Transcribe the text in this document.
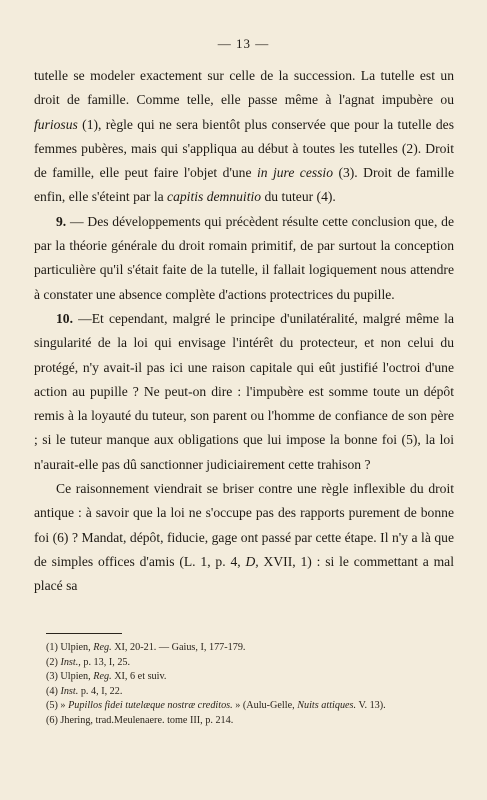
— 13 —

tutelle se modeler exactement sur celle de la succession. La tutelle est un droit de famille. Comme telle, elle passe même à l'agnat impubère ou furiosus (1), règle qui ne sera bientôt plus conservée que pour la tutelle des femmes pubères, mais qui s'appliqua au début à toutes les tutelles (2). Droit de famille, elle peut faire l'objet d'une in jure cessio (3). Droit de famille enfin, elle s'éteint par la capitis demnuitio du tuteur (4).

9. — Des développements qui précèdent résulte cette conclusion que, de par la théorie générale du droit romain primitif, de par surtout la conception particulière qu'il s'était faite de la tutelle, il fallait logiquement nous attendre à constater une absence complète d'actions protectrices du pupille.

10. —Et cependant, malgré le principe d'unilatéralité, malgré même la singularité de la loi qui envisage l'intérêt du protecteur, et non celui du protégé, n'y avait-il pas ici une raison capitale qui eût justifié l'octroi d'une action au pupille ? Ne peut-on dire : l'impubère est somme toute un dépôt remis à la loyauté du tuteur, son parent ou l'homme de confiance de son père ; si le tuteur manque aux obligations que lui impose la bonne foi (5), la loi n'aurait-elle pas dû sanctionner judiciairement cette trahison ?

Ce raisonnement viendrait se briser contre une règle inflexible du droit antique : à savoir que la loi ne s'occupe pas des rapports purement de bonne foi (6) ? Mandat, dépôt, fiducie, gage ont passé par cette étape. Il n'y a là que de simples offices d'amis (L. 1, p. 4, D, XVII, 1) : si le commettant a mal placé sa

(1) Ulpien, Reg. XI, 20-21. — Gaius, I, 177-179.
(2) Inst., p. 13, I, 25.
(3) Ulpien, Reg. XI, 6 et suiv.
(4) Inst. p. 4, I, 22.
(5) » Pupillos fidei tutelæque nostræ creditos. » (Aulu-Gelle, Nuits attiques. V. 13).
(6) Jhering, trad.Meulenaere. tome III, p. 214.
